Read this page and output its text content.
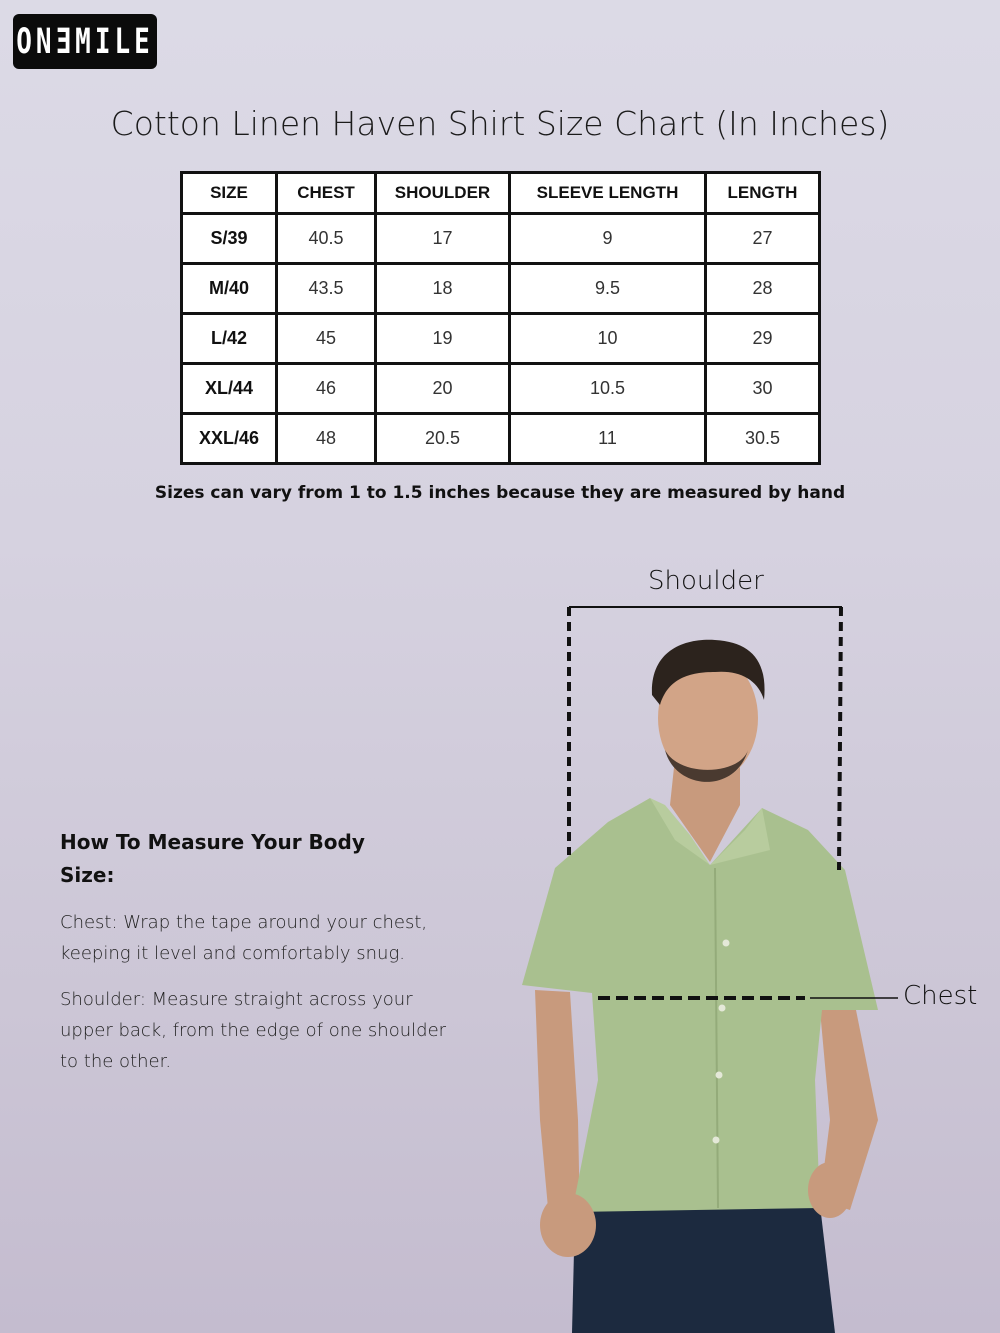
ONƎMILE
Cotton Linen Haven Shirt Size Chart (In Inches)
SIZE	CHEST	SHOULDER	SLEEVE LENGTH	LENGTH
S/39	40.5	17	9	27
M/40	43.5	18	9.5	28
L/42	45	19	10	29
XL/44	46	20	10.5	30
XXL/46	48	20.5	11	30.5
Sizes can vary from 1 to 1.5 inches because they are measured by hand
How To Measure Your Body Size:
Chest: Wrap the tape around your chest, keeping it level and comfortably snug.
Shoulder: Measure straight across your upper back, from the edge of one shoulder to the other.
Shoulder
Chest
